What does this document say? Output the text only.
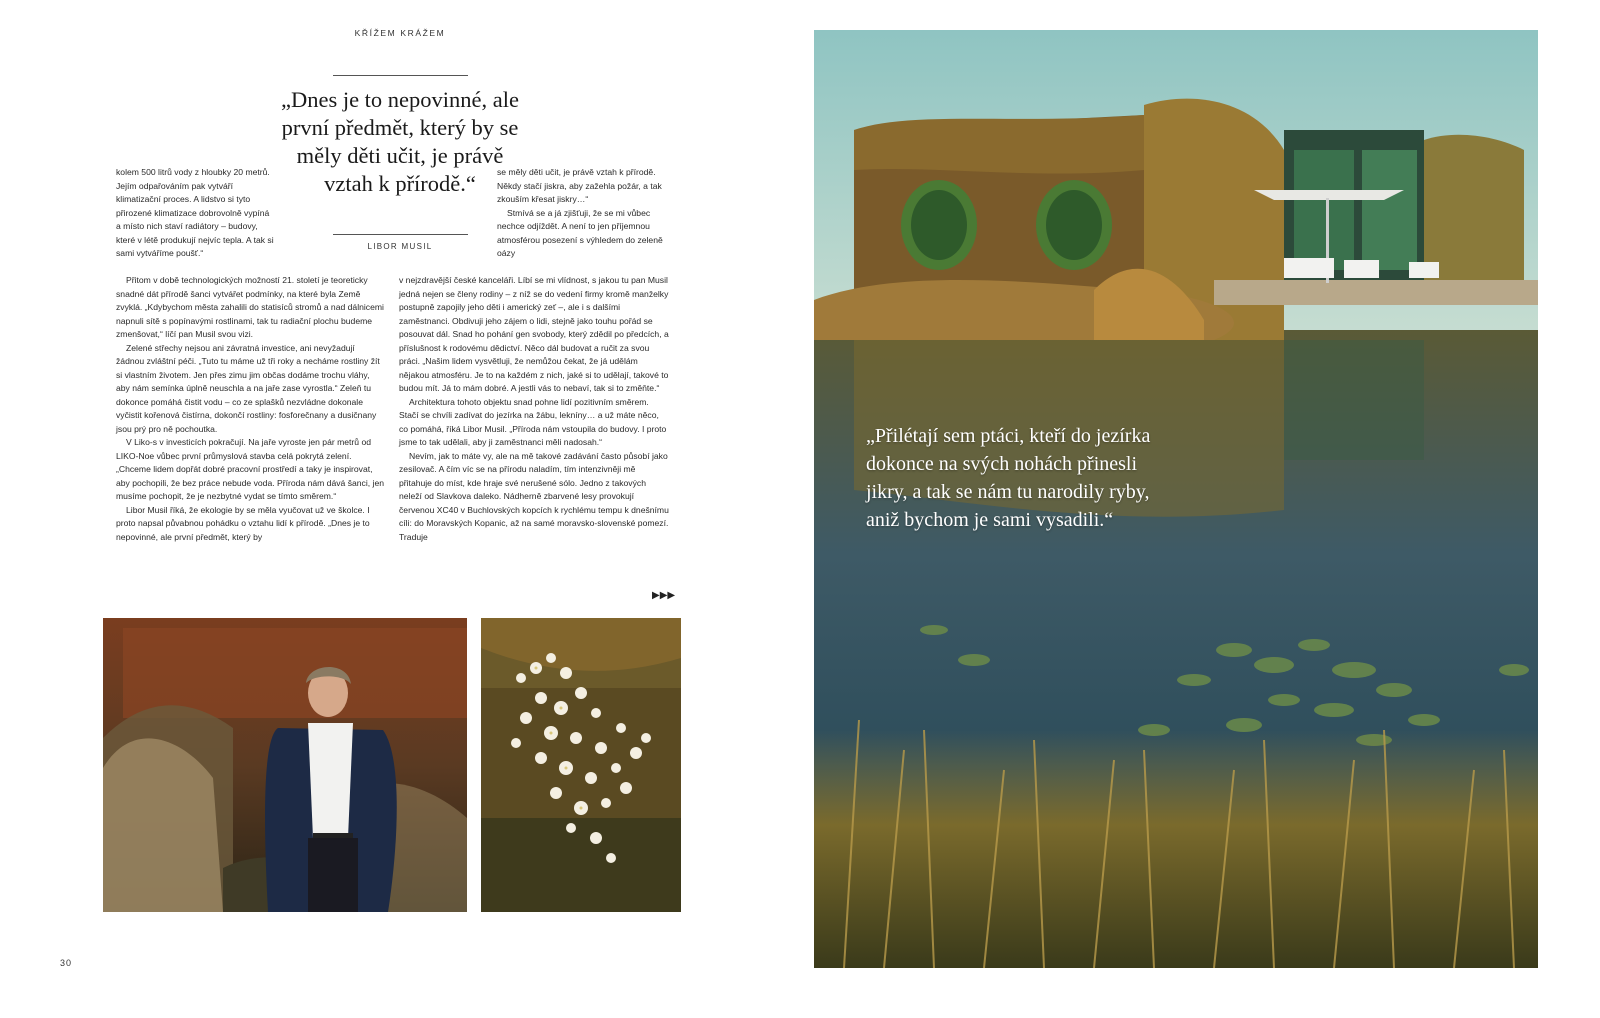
KŘÍŽEM KRÁŽEM

„Dnes je to nepovinné, ale první předmět, který by se měly děti učit, je právě vztah k přírodě.“

LIBOR MUSIL

kolem 500 litrů vody z hloubky 20 metrů. Jejím odpařováním pak vytváří klimatizační proces. A lidstvo si tyto přirozené klimatizace dobrovolně vypíná a místo nich staví radiátory – budovy, které v létě produkují nejvíc tepla. A tak si sami vytváříme poušť.“

Přitom v době technologických možností 21. století je teoreticky snadné dát přírodě šanci vytvářet podmínky, na které byla Země zvyklá. „Kdybychom města zahalili do statisíců stromů a nad dálnicemi napnuli sítě s popínavými rostlinami, tak tu radiační plochu budeme zmenšovat,“ líčí pan Musil svou vizi.

Zelené střechy nejsou ani závratná investice, ani nevyžadují žádnou zvláštní péči. „Tuto tu máme už tři roky a necháme rostliny žít si vlastním životem. Jen přes zimu jim občas dodáme trochu vláhy, aby nám semínka úplně neuschla a na jaře zase vyrostla.“ Zeleň tu dokonce pomáhá čistit vodu – co ze splašků nezvládne dokonale vyčistit kořenová čistírna, dokončí rostliny: fosforečnany a dusičnany jsou prý pro ně pochoutka.

V Liko-s v investicích pokračují. Na jaře vyroste jen pár metrů od LIKO-Noe vůbec první průmyslová stavba celá pokrytá zelení. „Chceme lidem dopřát dobré pracovní prostředí a taky je inspirovat, aby pochopili, že bez práce nebude voda. Příroda nám dává šanci, jen musíme pochopit, že je nezbytné vydat se tímto směrem.“

Libor Musil říká, že ekologie by se měla vyučovat už ve školce. I proto napsal půvabnou pohádku o vztahu lidí k přírodě. „Dnes je to nepovinné, ale první předmět, který by

se měly děti učit, je právě vztah k přírodě. Někdy stačí jiskra, aby zažehla požár, a tak zkouším křesat jiskry…“

Stmívá se a já zjišťuji, že se mi vůbec nechce odjíždět. A není to jen příjemnou atmosférou posezení s výhledem do zeleně oázy

v nejzdravější české kanceláři. Líbí se mi vlídnost, s jakou tu pan Musil jedná nejen se členy rodiny – z níž se do vedení firmy kromě manželky postupně zapojily jeho děti i americký zeť –, ale i s dalšími zaměstnanci. Obdivuji jeho zájem o lidi, stejně jako touhu pořád se posouvat dál. Snad ho pohání gen svobody, který zdědil po předcích, a příslušnost k rodovému dědictví. Něco dál budovat a ručit za svou práci. „Našim lidem vysvětluji, že nemůžou čekat, že já udělám nějakou atmosféru. Je to na každém z nich, jaké si to udělají, takové to budou mít. Já to mám dobré. A jestli vás to nebaví, tak si to změňte.“

Architektura tohoto objektu snad pohne lidí pozitivním směrem. Stačí se chvíli zadívat do jezírka na žábu, lekníny… a už máte něco, co pomáhá, říká Libor Musil. „Příroda nám vstoupila do budovy. I proto jsme to tak udělali, aby ji zaměstnanci měli nadosah.“

Nevím, jak to máte vy, ale na mě takové zadávání často působí jako zesilovač. A čím víc se na přírodu naladím, tím intenzivněji mě přitahuje do míst, kde hraje své nerušené sólo. Jedno z takových neleží od Slavkova daleko. Nádherně zbarvené lesy provokují červenou XC40 v Buchlovských kopcích k rychlému tempu k dnešnímu cíli: do Moravských Kopanic, až na samé moravsko-slovenské pomezí. Traduje

▶▶▶
30

„Přilétají sem ptáci, kteří do jezírka dokonce na svých nohách přinesli jikry, a tak se nám tu narodily ryby, aniž bychom je sami vysadili.“
